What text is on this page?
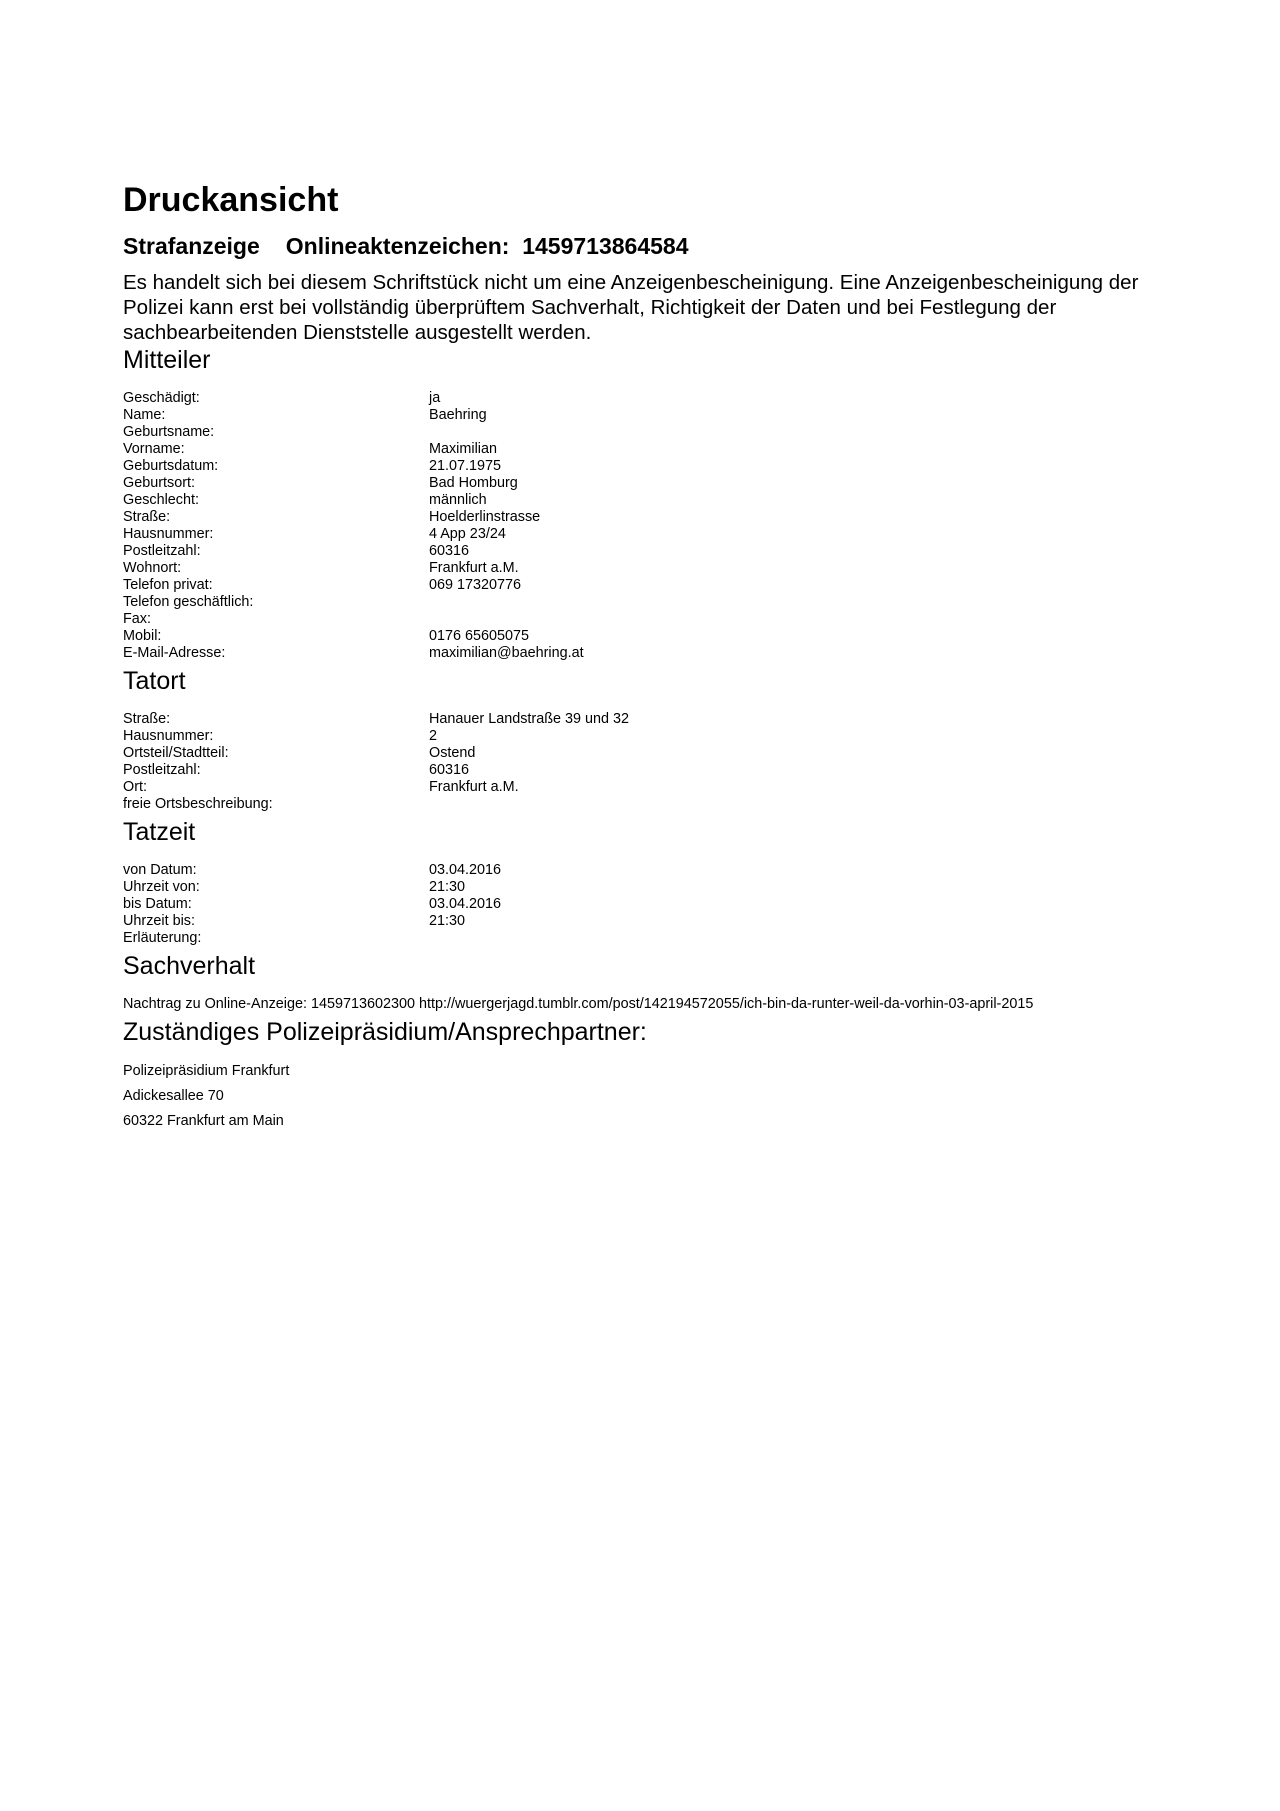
Druckansicht
Strafanzeige Onlineaktenzeichen: 1459713864584

Es handelt sich bei diesem Schriftstück nicht um eine Anzeigenbescheinigung. Eine Anzeigenbescheinigung der Polizei kann erst bei vollständig überprüftem Sachverhalt, Richtigkeit der Daten und bei Festlegung der sachbearbeitenden Dienststelle ausgestellt werden.

Mitteiler
Geschädigt:	ja
Name:	Baehring
Geburtsname:
Vorname:	Maximilian
Geburtsdatum:	21.07.1975
Geburtsort:	Bad Homburg
Geschlecht:	männlich
Straße:	Hoelderlinstrasse
Hausnummer:	4 App 23/24
Postleitzahl:	60316
Wohnort:	Frankfurt a.M.
Telefon privat:	069 17320776
Telefon geschäftlich:
Fax:
Mobil:	0176 65605075
E-Mail-Adresse:	maximilian@baehring.at
Tatort
Straße:	Hanauer Landstraße 39 und 32
Hausnummer:	2
Ortsteil/Stadtteil:	Ostend
Postleitzahl:	60316
Ort:	Frankfurt a.M.
freie Ortsbeschreibung:
Tatzeit
von Datum:	03.04.2016
Uhrzeit von:	21:30
bis Datum:	03.04.2016
Uhrzeit bis:	21:30
Erläuterung:
Sachverhalt
Nachtrag zu Online-Anzeige: 1459713602300 http://wuergerjagd.tumblr.com/post/142194572055/ich-bin-da-runter-weil-da-vorhin-03-april-2015
Zuständiges Polizeipräsidium/Ansprechpartner:
Polizeipräsidium Frankfurt
Adickesallee 70
60322 Frankfurt am Main
